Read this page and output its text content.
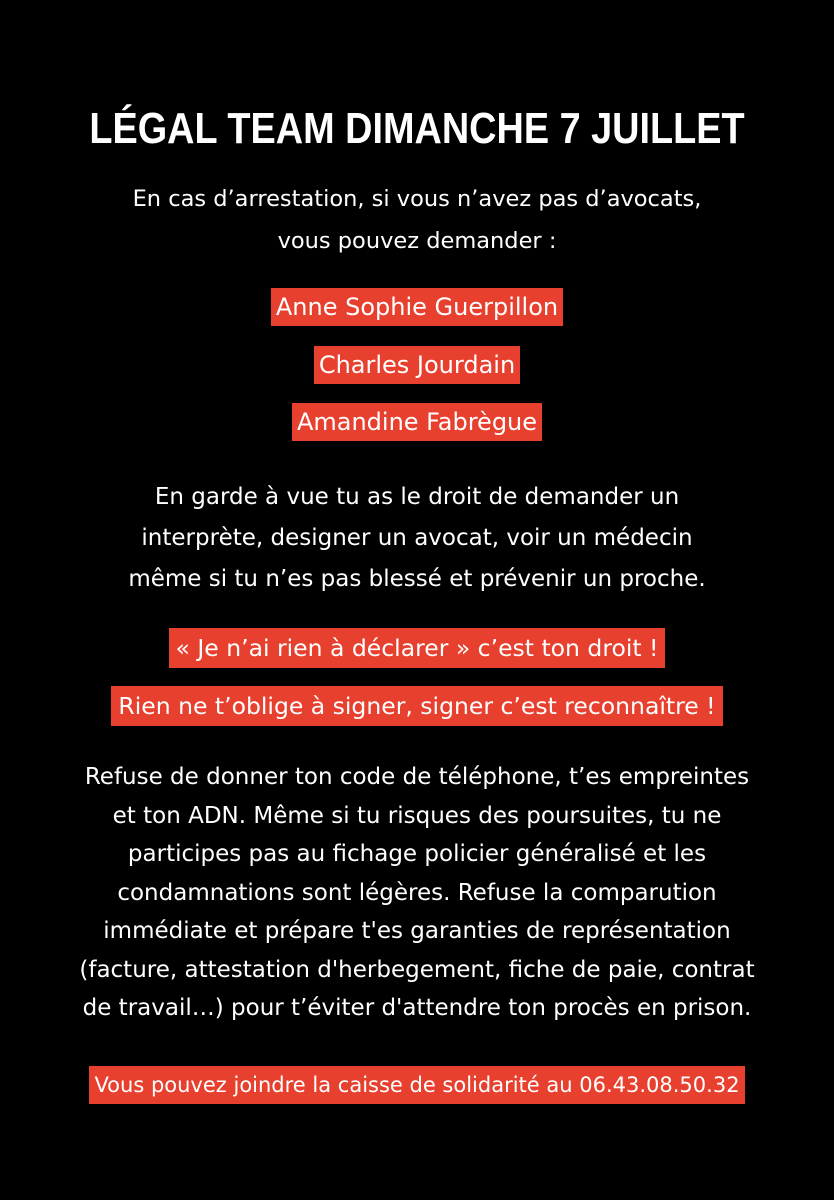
LÉGAL TEAM DIMANCHE 7 JUILLET

En cas d’arrestation, si vous n’avez pas d’avocats,
vous pouvez demander :

Anne Sophie Guerpillon
Charles Jourdain
Amandine Fabrègue

En garde à vue tu as le droit de demander un
interprète, designer un avocat, voir un médecin
même si tu n’es pas blessé et prévenir un proche.

« Je n’ai rien à déclarer » c’est ton droit !
Rien ne t’oblige à signer, signer c’est reconnaître !

Refuse de donner ton code de téléphone, t’es empreintes
et ton ADN. Même si tu risques des poursuites, tu ne
participes pas au fichage policier généralisé et les
condamnations sont légères. Refuse la comparution
immédiate et prépare t'es garanties de représentation
(facture, attestation d'herbegement, fiche de paie, contrat
de travail…) pour t’éviter d'attendre ton procès en prison.

Vous pouvez joindre la caisse de solidarité au 06.43.08.50.32
